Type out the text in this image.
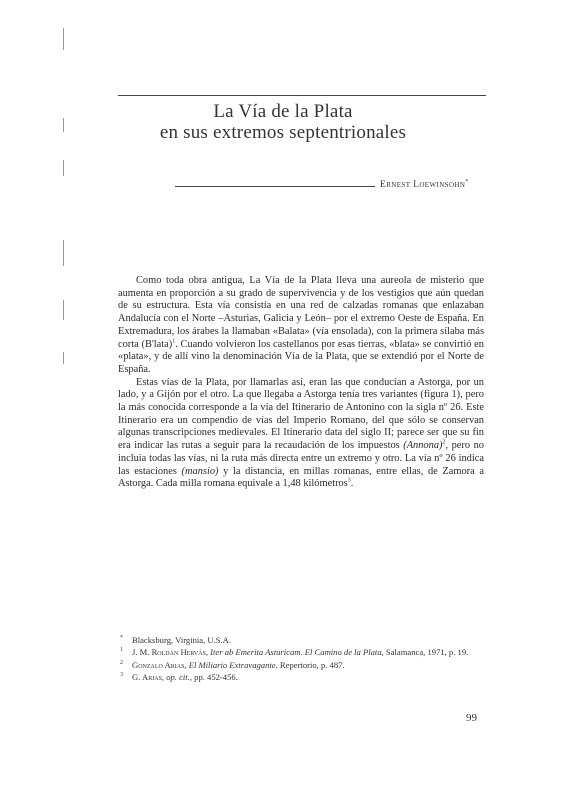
La Vía de la Plata
en sus extremos septentrionales
Ernest Loewinsohn*

Como toda obra antigua, La Vía de la Plata lleva una aureola de misterio que aumenta en proporción a su grado de supervivencia y de los vestigios que aún quedan de su estructura. Esta vía consistía en una red de calzadas romanas que enlazaban Andalucía con el Norte –Asturias, Galicia y León– por el extremo Oeste de España. En Extremadura, los árabes la llamaban «Balata» (vía ensolada), con la primera sílaba más corta (B'lata)$^1$. Cuando volvieron los castellanos por esas tierras, «blata» se convirtió en «plata», y de allí vino la denominación Vía de la Plata, que se extendió por el Norte de España.

Estas vías de la Plata, por llamarlas así, eran las que conducían a Astorga, por un lado, y a Gijón por el otro. La que llegaba a Astorga tenía tres variantes (figura 1), pero la más conocida corresponde a la vía del Itinerario de Antonino con la sigla nº 26. Este Itinerario era un compendio de vías del Imperio Romano, del que sólo se conservan algunas transcripciones medievales. El Itinerario data del siglo II; parece ser que su fin era indicar las rutas a seguir para la recaudación de los impuestos (Annona)$^2$, pero no incluía todas las vías, ni la ruta más directa entre un extremo y otro. La vía nº 26 indica las estaciones (mansio) y la distancia, en millas romanas, entre ellas, de Zamora a Astorga. Cada milla romana equivale a 1,48 kilómetros$^3$.

* Blacksburg, Virginia, U.S.A.
1 J. M. Roldán Hervás, Iter ab Emerita Asturicam. El Camino de la Plata, Salamanca, 1971, p. 19.
2 Gonzalo Arias, El Miliario Extravagante. Repertorio, p. 487.
3 G. Arias, op. cit., pp. 452-456.
99
